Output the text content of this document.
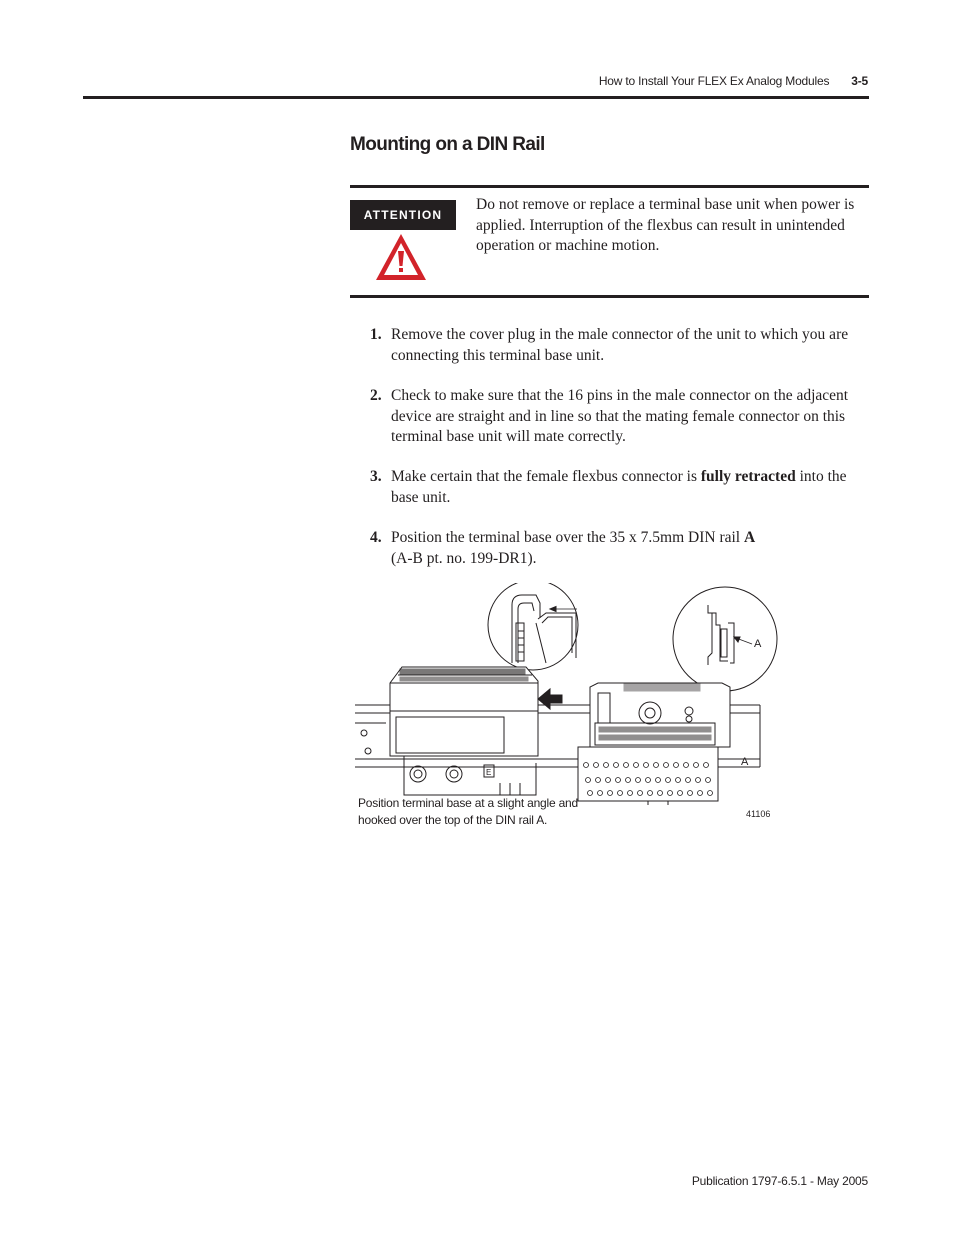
How to Install Your FLEX Ex Analog Modules 3-5
Mounting on a DIN Rail
ATTENTION
Do not remove or replace a terminal base unit when power is applied. Interruption of the flexbus can result in unintended operation or machine motion.
1. Remove the cover plug in the male connector of the unit to which you are connecting this terminal base unit.
2. Check to make sure that the 16 pins in the male connector on the adjacent device are straight and in line so that the mating female connector on this terminal base unit will mate correctly.
3. Make certain that the female flexbus connector is fully retracted into the base unit.
4. Position the terminal base over the 35 x 7.5mm DIN rail A
(A-B pt. no. 199-DR1).
E
A
A
Position terminal base at a slight angle and hooked over the top of the DIN rail A.	41106
Publication 1797-6.5.1 - May 2005
